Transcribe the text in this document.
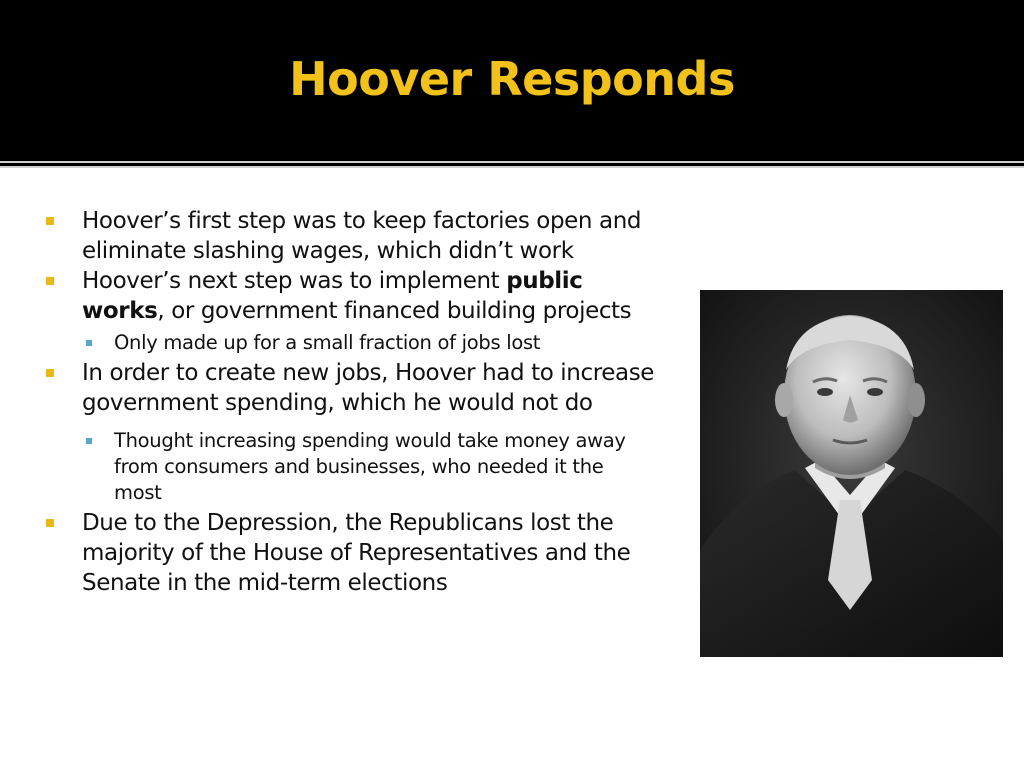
Hoover Responds
Hoover’s first step was to keep factories open and eliminate slashing wages, which didn’t work
Hoover’s next step was to implement public works, or government financed building projects
Only made up for a small fraction of jobs lost
In order to create new jobs, Hoover had to increase government spending, which he would not do
Thought increasing spending would take money away from consumers and businesses, who needed it the most
Due to the Depression, the Republicans lost the majority of the House of Representatives and the Senate in the mid-term elections
